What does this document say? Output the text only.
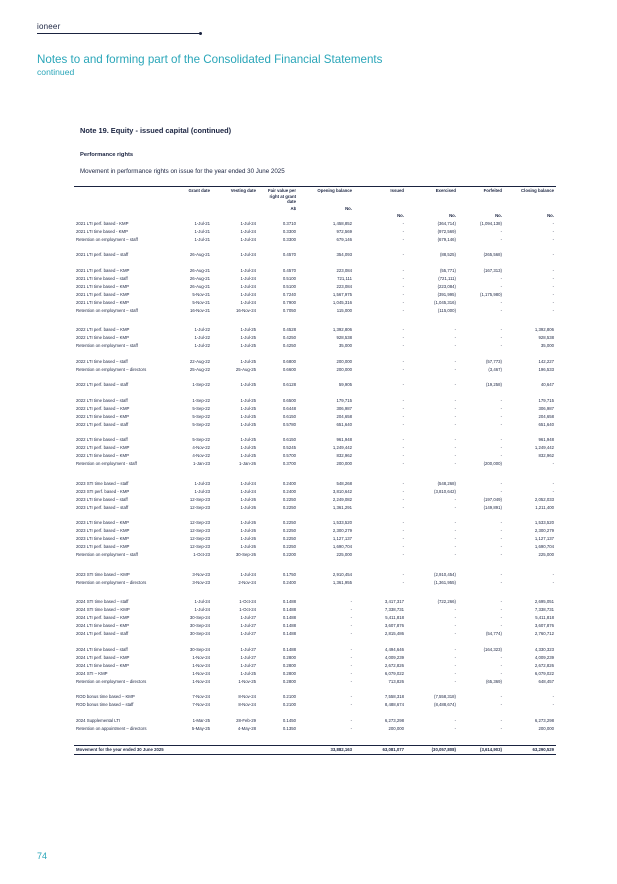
ioneer
Notes to and forming part of the Consolidated Financial Statements
continued
Note 19. Equity - issued capital (continued)
Performance rights
Movement in performance rights on issue for the year ended 30 June 2025
	Grant date	Vesting date	Fair value per right at grant date	Opening balance	Issued	Exercised	Forfeited	Closing balance
			A$	No.				
					No.	No.	No.	No.
2021 LTI perf. based - KMP	1-Jul-21	1-Jul-24	0.3710	1,458,852	-	(364,714)	(1,094,138)	-
2021 LTI time based - KMP	1-Jul-21	1-Jul-24	0.3300	972,569	-	(972,569)	-	-
Retention on employment – staff	1-Jul-21	1-Jul-24	0.3300	679,146	-	(679,146)	-	-
2021 LTI perf. based – staff	26-Aug-21	1-Jul-24	0.4570	354,093	-	(88,525)	(265,568)	-
2021 LTI perf. based – KMP	26-Aug-21	1-Jul-24	0.4570	223,084	-	(55,771)	(167,313)	-
2021 LTI time based – staff	26-Aug-21	1-Jul-24	0.5100	721,111	-	(721,111)	-	-
2021 LTI time based – KMP	26-Aug-21	1-Jul-24	0.5100	223,084	-	(223,084)	-	-
2021 LTI perf. based – KMP	5-Nov-21	1-Jul-24	0.7240	1,567,975	-	(391,995)	(1,175,980)	-
2021 LTI time based – KMP	5-Nov-21	1-Jul-24	0.7900	1,045,316	-	(1,045,316)	-	-
Retention on employment – staff	16-Nov-21	16-Nov-24	0.7050	115,000	-	(115,000)	-	-

2022 LTI perf. based – KMP	1-Jul-22	1-Jul-25	0.4528	1,392,806	-	-	-	1,392,806
2022 LTI time based – KMP	1-Jul-22	1-Jul-25	0.4250	928,538	-	-	-	928,538
Retention on employment – staff	1-Jul-22	1-Jul-25	0.4250	35,000	-	-	-	35,000
2022 LTI time based – staff	22-Aug-22	1-Jul-25	0.6800	200,000	-	-	(57,773)	142,227
Retention on employment – directors	25-Aug-22	25-Aug-25	0.6600	200,000	-	-	(3,467)	196,533
2022 LTI perf. based – staff	1-Sep-22	1-Jul-25	0.6128	59,905	-	-	(19,258)	40,647
2022 LTI time based – staff	1-Sep-22	1-Jul-25	0.6500	179,715	-	-	-	179,715
2022 LTI perf. based – KMP	5-Sep-22	1-Jul-25	0.6448	306,987	-	-	-	306,987
2022 LTI time based – KMP	5-Sep-22	1-Jul-25	0.6150	204,658	-	-	-	204,658
2022 LTI perf. based – staff	5-Sep-22	1-Jul-25	0.5780	651,640	-	-	-	651,640
2022 LTI time based – staff	5-Sep-22	1-Jul-25	0.6150	961,948	-	-	-	961,948
2022 LTI perf. based – KMP	4-Nov-22	1-Jul-25	0.5245	1,249,442	-	-	-	1,249,442
2022 LTI time based – KMP	4-Nov-22	1-Jul-25	0.5700	832,962	-	-	-	832,962
Retention on employment - staff	1-Jan-23	1-Jan-26	0.3700	200,000	-	-	(200,000)	-

2023 STI time based – staff	1-Jul-23	1-Jul-24	0.2400	548,268	-	(548,268)	-	-
2023 STI perf. based - KMP	1-Jul-23	1-Jul-24	0.2400	3,810,642	-	(3,810,642)	-	-
2023 LTI time based – staff	12-Sep-23	1-Jul-26	0.2250	2,249,082	-	-	(197,049)	2,052,033
2023 LTI perf. based – staff	12-Sep-23	1-Jul-26	0.2250	1,361,291	-	-	(149,891)	1,211,400
2023 LTI time based – KMP	12-Sep-23	1-Jul-26	0.2250	1,533,520	-	-	-	1,533,520
2023 LTI perf. based – KMP	12-Sep-23	1-Jul-26	0.2250	2,300,279	-	-	-	2,300,279
2023 LTI time based – KMP	12-Sep-23	1-Jul-26	0.2250	1,127,137	-	-	-	1,127,137
2023 LTI perf. based – KMP	12-Sep-23	1-Jul-26	0.2250	1,690,704	-	-	-	1,690,704
Retention on employment – staff	1-Oct-23	30-Sep-26	0.2200	225,000	-	-	-	225,000

2023 STI time based – KMP	3-Nov-23	1-Jul-24	0.1750	2,910,454	-	(2,910,454)	-	-
Retention on employment – directors	3-Nov-23	2-Nov-24	0.2400	1,361,955	-	(1,361,955)	-	-

2024 STI time based – staff	1-Jul-24	1-Oct-24	0.1488	-	3,417,317	(722,266)	-	2,695,051
2024 STI time based – KMP	1-Jul-24	1-Oct-24	0.1488	-	7,338,731	-	-	7,338,731
2024 LTI perf. based – KMP	30-Sep-24	1-Jul-27	0.1488	-	5,411,818	-	-	5,411,818
2024 LTI time based – KMP	30-Sep-24	1-Jul-27	0.1488	-	3,607,876	-	-	3,607,876
2024 LTI perf. based – staff	30-Sep-24	1-Jul-27	0.1488	-	2,815,486	-	(54,774)	2,760,712
2024 LTI time based – staff	30-Sep-24	1-Jul-27	0.1488	-	4,494,646	-	(164,323)	4,330,323
2024 LTI perf. based – KMP	1-Nov-24	1-Jul-27	0.2800	-	4,009,239	-	-	4,009,239
2024 LTI time based – KMP	1-Nov-24	1-Jul-27	0.2800	-	2,672,826	-	-	2,672,826
2024 STI – KMP	1-Nov-24	1-Jul-25	0.2800	-	6,079,022	-	-	6,079,022
Retention on employment – directors	1-Nov-24	1-Nov-25	0.2800	-	713,826	-	(65,369)	648,457
ROD bonus time based – KMP	7-Nov-24	8-Nov-24	0.2100	-	7,558,318	(7,558,318)	-	-
ROD bonus time based – staff	7-Nov-24	8-Nov-24	0.2100	-	8,488,674	(8,488,674)	-	-
2024 Supplemental LTI	1-Mar-25	28-Feb-29	0.1450	-	6,273,298	-	-	6,273,298
Retention on appointment – directors	5-May-25	4-May-28	0.1350	-	200,000	-	-	200,000

Movement for the year ended 30 June 2025				33,882,163	63,081,077	(30,057,808)	(3,614,903)	63,290,529
74
